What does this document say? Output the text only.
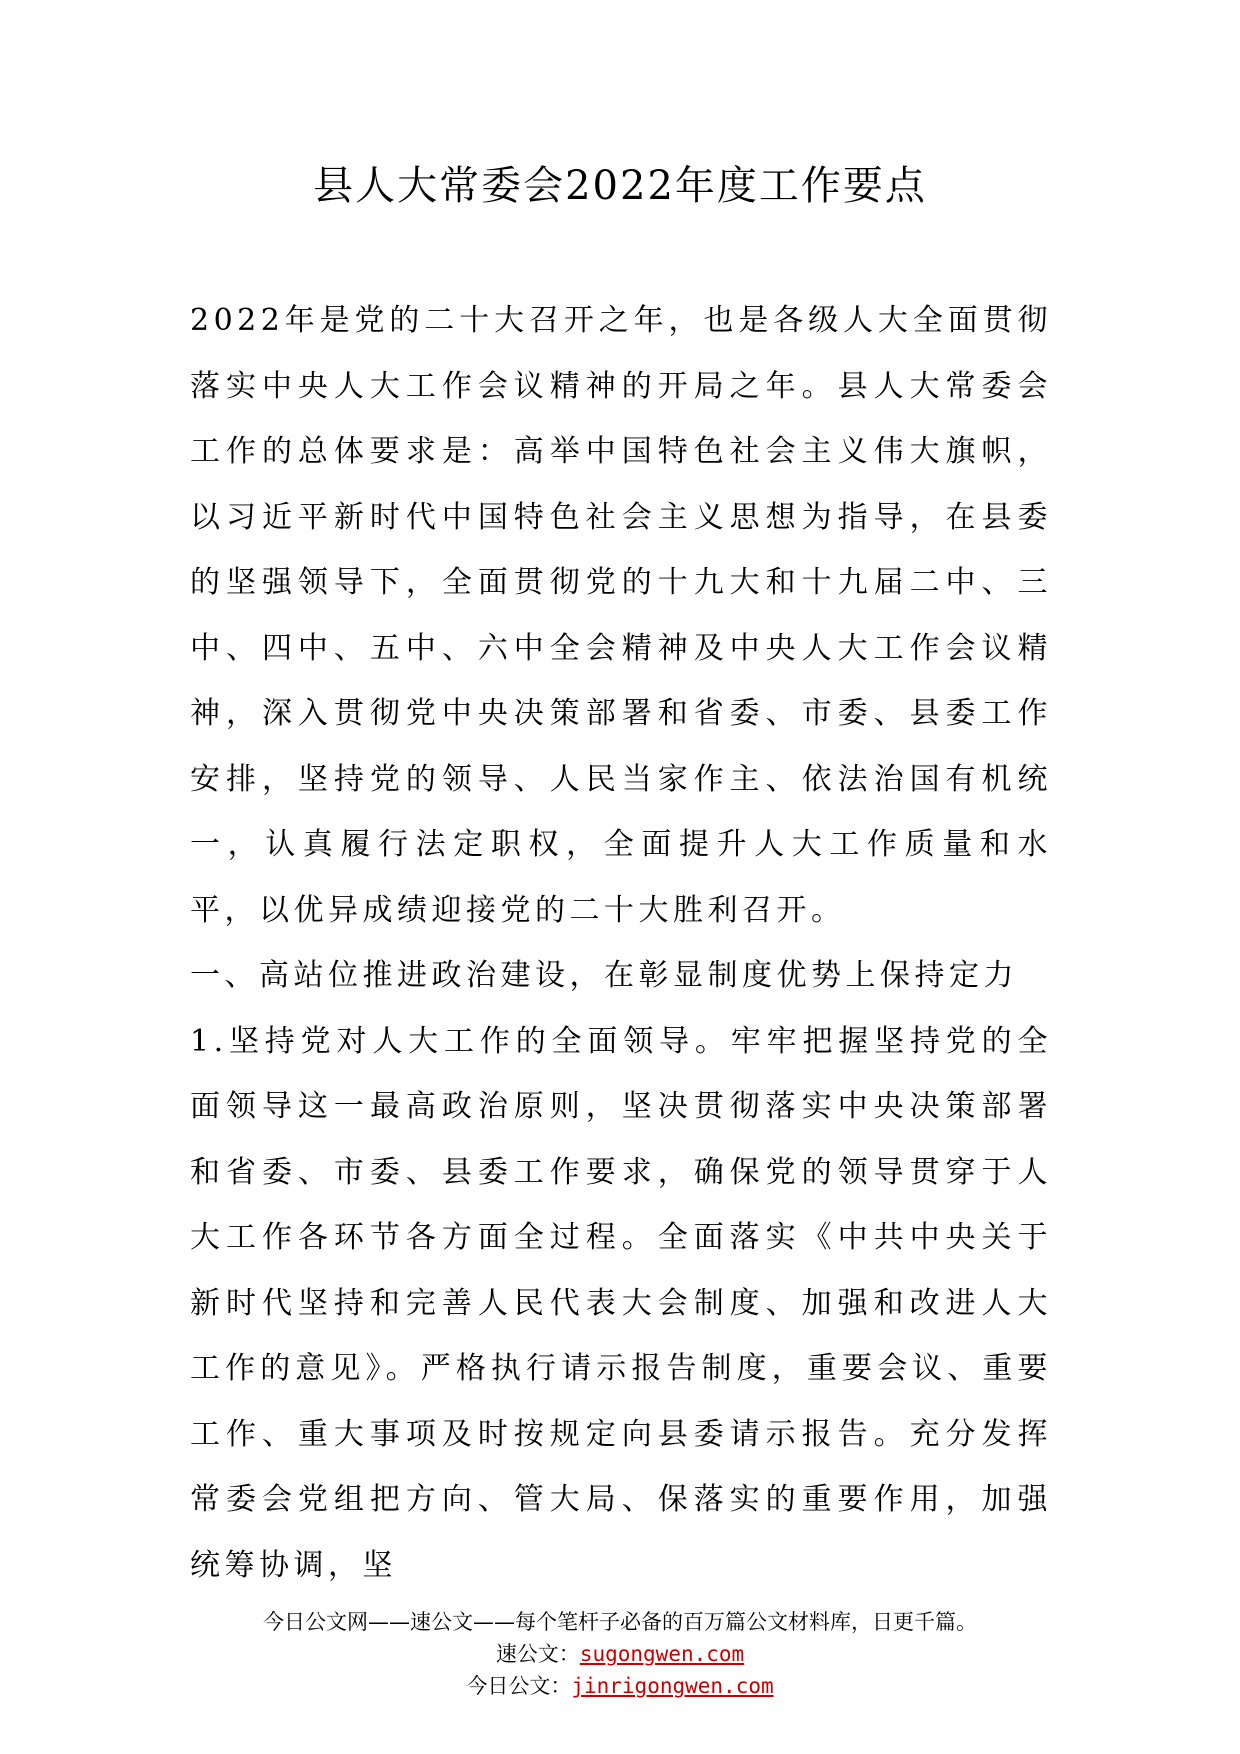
县人大常委会2022年度工作要点

2022年是党的二十大召开之年，也是各级人大全面贯彻落实中央人大工作会议精神的开局之年。县人大常委会工作的总体要求是：高举中国特色社会主义伟大旗帜，以习近平新时代中国特色社会主义思想为指导，在县委的坚强领导下，全面贯彻党的十九大和十九届二中、三中、四中、五中、六中全会精神及中央人大工作会议精神，深入贯彻党中央决策部署和省委、市委、县委工作安排，坚持党的领导、人民当家作主、依法治国有机统一，认真履行法定职权，全面提升人大工作质量和水平，以优异成绩迎接党的二十大胜利召开。

一、高站位推进政治建设，在彰显制度优势上保持定力

1.坚持党对人大工作的全面领导。牢牢把握坚持党的全面领导这一最高政治原则，坚决贯彻落实中央决策部署和省委、市委、县委工作要求，确保党的领导贯穿于人大工作各环节各方面全过程。全面落实《中共中央关于新时代坚持和完善人民代表大会制度、加强和改进人大工作的意见》。严格执行请示报告制度，重要会议、重要工作、重大事项及时按规定向县委请示报告。充分发挥常委会党组把方向、管大局、保落实的重要作用，加强统筹协调，坚

今日公文网——速公文——每个笔杆子必备的百万篇公文材料库，日更千篇。

速公文：sugongwen.com

今日公文：jinrigongwen.com
